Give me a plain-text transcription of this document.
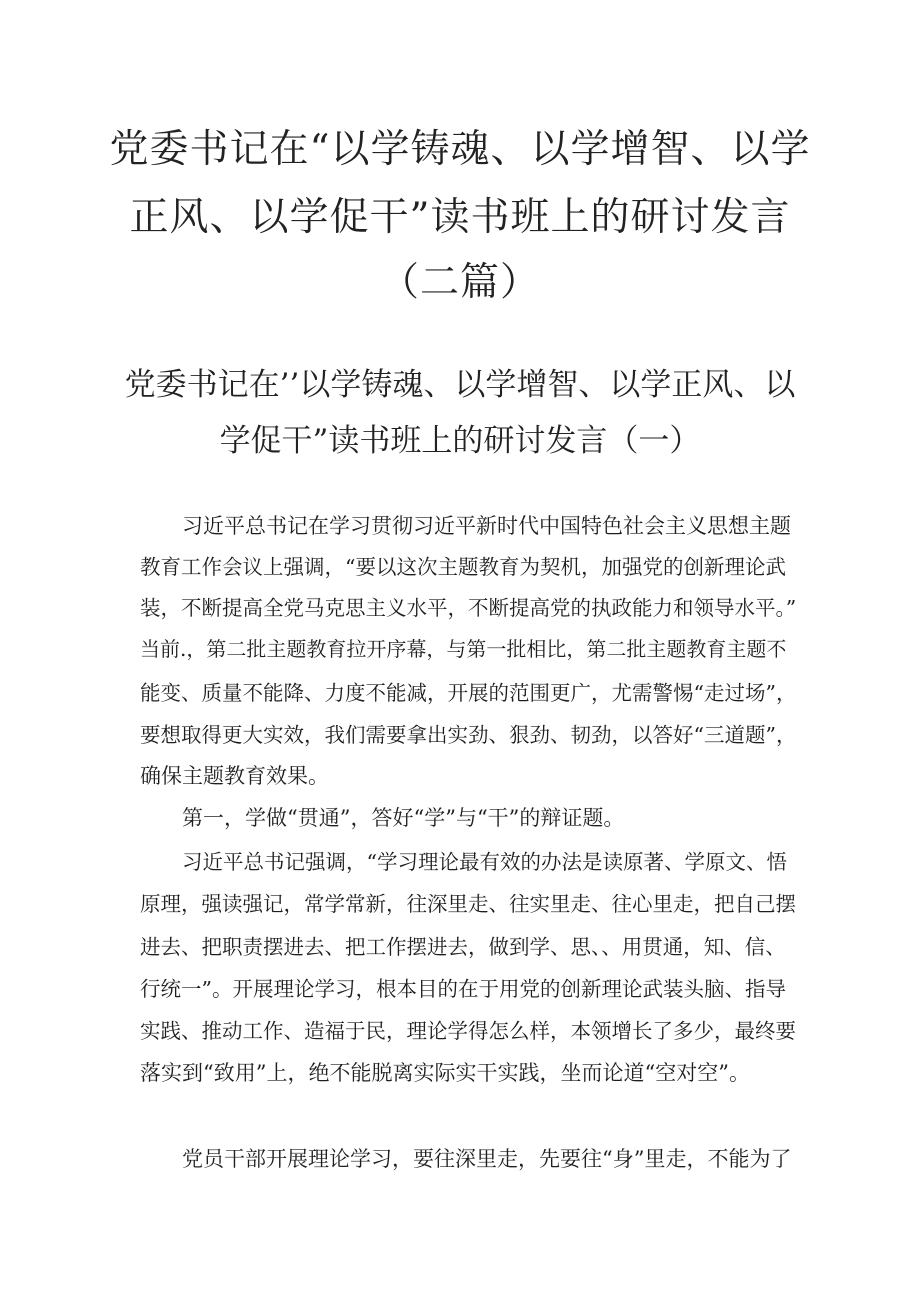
党委书记在“以学铸魂、以学增智、以学
正风、以学促干”读书班上的研讨发言
（二篇）
党委书记在’’以学铸魂、以学增智、以学正风、以
学促干”读书班上的研讨发言（一）
习近平总书记在学习贯彻习近平新时代中国特色社会主义思想主题
教育工作会议上强调，“要以这次主题教育为契机，加强党的创新理论武
装，不断提高全党马克思主义水平，不断提高党的执政能力和领导水平。”
当前.，第二批主题教育拉开序幕，与第一批相比，第二批主题教育主题不
能变、质量不能降、力度不能减，开展的范围更广，尤需警惕“走过场”，
要想取得更大实效，我们需要拿出实劲、狠劲、韧劲，以答好“三道题”，
确保主题教育效果。
第一，学做“贯通”，答好“学”与“干”的辩证题。
习近平总书记强调，“学习理论最有效的办法是读原著、学原文、悟
原理，强读强记，常学常新，往深里走、往实里走、往心里走，把自己摆
进去、把职责摆进去、把工作摆进去，做到学、思、、用贯通，知、信、
行统一”。开展理论学习，根本目的在于用党的创新理论武装头脑、指导
实践、推动工作、造福于民，理论学得怎么样，本领增长了多少，最终要
落实到“致用”上，绝不能脱离实际实干实践，坐而论道“空对空”。
党员干部开展理论学习，要往深里走，先要往“身”里走，不能为了
